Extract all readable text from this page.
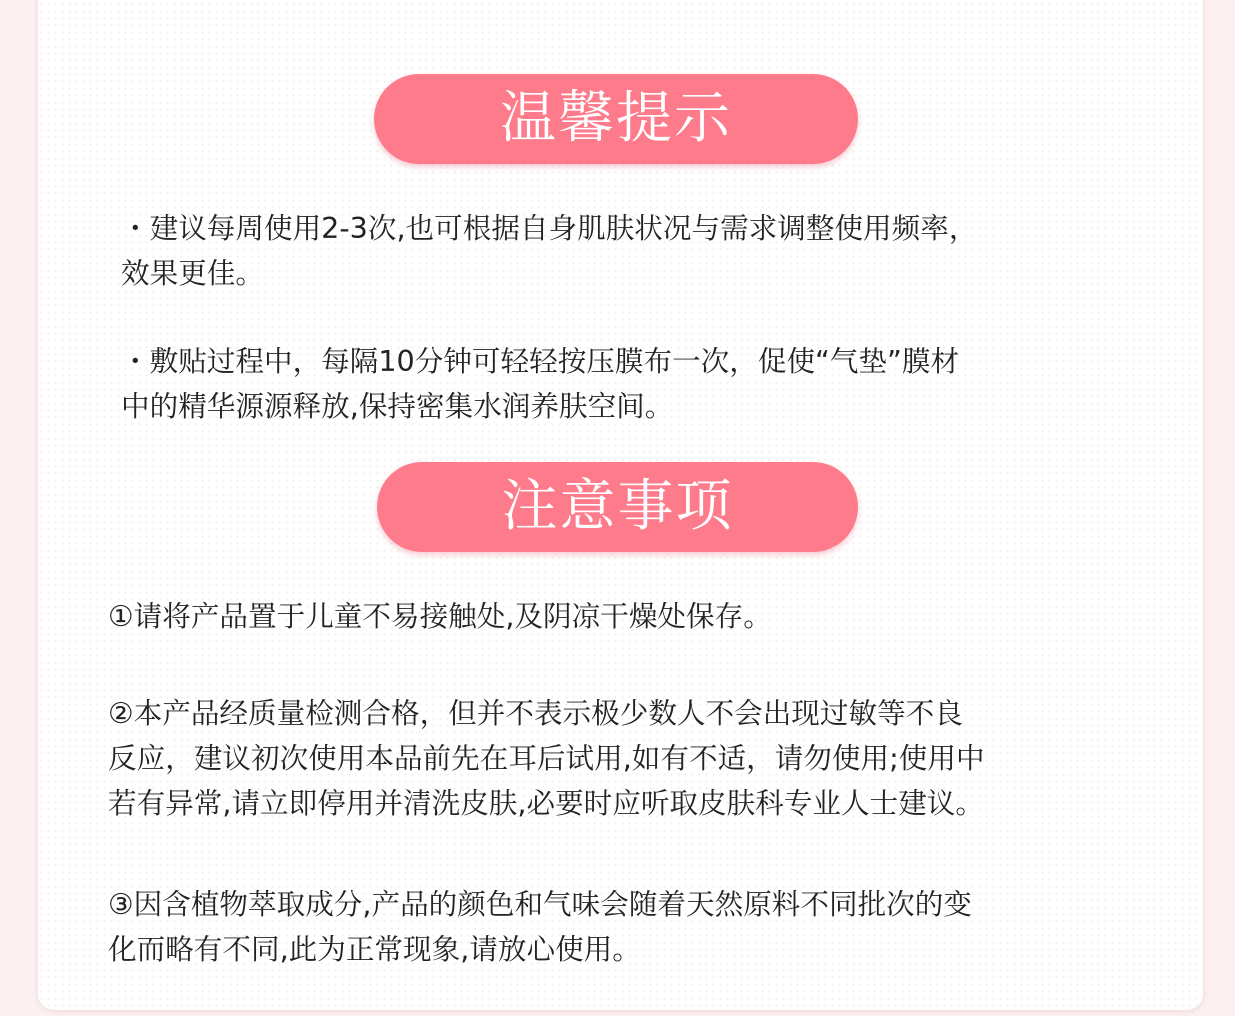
温馨提示

・建议每周使用2-3次,也可根据自身肌肤状况与需求调整使用频率，
效果更佳。

・敷贴过程中，每隔10分钟可轻轻按压膜布一次，促使“气垫”膜材
中的精华源源释放,保持密集水润养肤空间。

注意事项

①请将产品置于儿童不易接触处,及阴凉干燥处保存。

②本产品经质量检测合格，但并不表示极少数人不会出现过敏等不良
反应，建议初次使用本品前先在耳后试用,如有不适，请勿使用;使用中
若有异常,请立即停用并清洗皮肤,必要时应听取皮肤科专业人士建议。

③因含植物萃取成分,产品的颜色和气味会随着天然原料不同批次的变
化而略有不同,此为正常现象,请放心使用。
